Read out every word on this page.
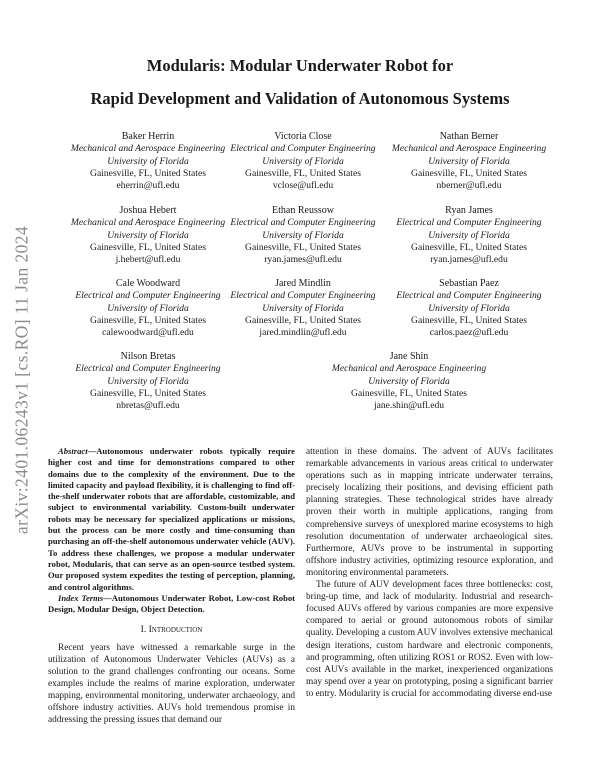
arXiv:2401.06243v1 [cs.RO] 11 Jan 2024
Modularis: Modular Underwater Robot for
Rapid Development and Validation of Autonomous Systems
Baker Herrin
Mechanical and Aerospace Engineering
University of Florida
Gainesville, FL, United States
eherrin@ufl.edu
Victoria Close
Electrical and Computer Engineering
University of Florida
Gainesville, FL, United States
vclose@ufl.edu
Nathan Berner
Mechanical and Aerospace Engineering
University of Florida
Gainesville, FL, United States
nberner@ufl.edu
Joshua Hebert
Mechanical and Aerospace Engineering
University of Florida
Gainesville, FL, United States
j.hebert@ufl.edu
Ethan Reussow
Electrical and Computer Engineering
University of Florida
Gainesville, FL, United States
ryan.james@ufl.edu
Ryan James
Electrical and Computer Engineering
University of Florida
Gainesville, FL, United States
ryan.james@ufl.edu
Cale Woodward
Electrical and Computer Engineering
University of Florida
Gainesville, FL, United States
calewoodward@ufl.edu
Jared Mindlin
Electrical and Computer Engineering
University of Florida
Gainesville, FL, United States
jared.mindlin@ufl.edu
Sebastian Paez
Electrical and Computer Engineering
University of Florida
Gainesville, FL, United States
carlos.paez@ufl.edu
Nilson Bretas
Electrical and Computer Engineering
University of Florida
Gainesville, FL, United States
nbretas@ufl.edu
Jane Shin
Mechanical and Aerospace Engineering
University of Florida
Gainesville, FL, United States
jane.shin@ufl.edu

Abstract—Autonomous underwater robots typically require higher cost and time for demonstrations compared to other domains due to the complexity of the environment. Due to the limited capacity and payload flexibility, it is challenging to find off-the-shelf underwater robots that are affordable, customizable, and subject to environmental variability. Custom-built underwater robots may be necessary for specialized applications or missions, but the process can be more costly and time-consuming than purchasing an off-the-shelf autonomous underwater vehicle (AUV). To address these challenges, we propose a modular underwater robot, Modularis, that can serve as an open-source testbed system. Our proposed system expedites the testing of perception, planning, and control algorithms.

Index Terms—Autonomous Underwater Robot, Low-cost Robot Design, Modular Design, Object Detection.

I. Introduction

Recent years have witnessed a remarkable surge in the utilization of Autonomous Underwater Vehicles (AUVs) as a solution to the grand challenges confronting our oceans. Some examples include the realms of marine exploration, underwater mapping, environmental monitoring, underwater archaeology, and offshore industry activities. AUVs hold tremendous promise in addressing the pressing issues that demand our

attention in these domains. The advent of AUVs facilitates remarkable advancements in various areas critical to underwater operations such as in mapping intricate underwater terrains, precisely localizing their positions, and devising efficient path planning strategies. These technological strides have already proven their worth in multiple applications, ranging from comprehensive surveys of unexplored marine ecosystems to high resolution documentation of underwater archaeological sites. Furthermore, AUVs prove to be instrumental in supporting offshore industry activities, optimizing resource exploration, and monitoring environmental parameters.

The future of AUV development faces three bottlenecks: cost, bring-up time, and lack of modularity. Industrial and research-focused AUVs offered by various companies are more expensive compared to aerial or ground autonomous robots of similar quality. Developing a custom AUV involves extensive mechanical design iterations, custom hardware and electronic components, and programming, often utilizing ROS1 or ROS2. Even with low-cost AUVs available in the market, inexperienced organizations may spend over a year on prototyping, posing a significant barrier to entry. Modularity is crucial for accommodating diverse end-use
